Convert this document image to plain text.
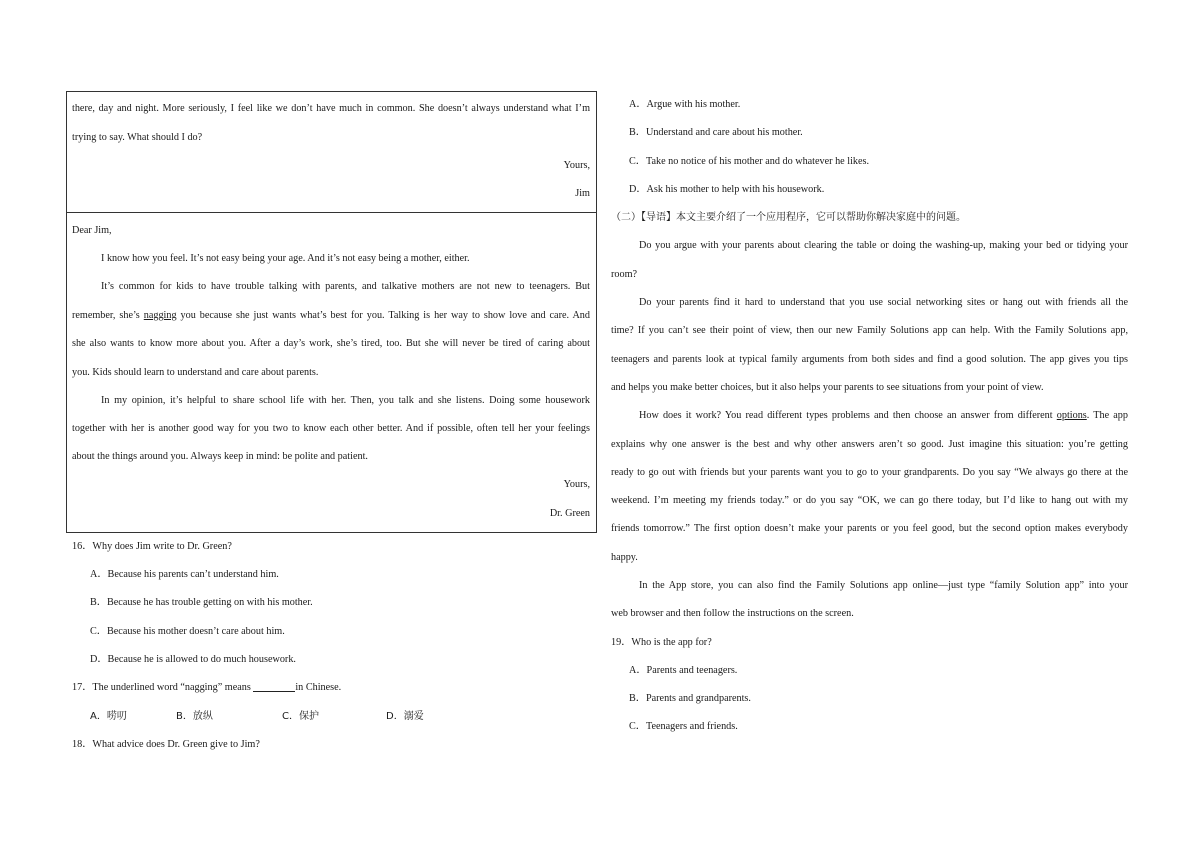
there, day and night. More seriously, I feel like we don’t have much in common. She doesn’t always understand what I’m
trying to say. What should I do?
Yours,
Jim
Dear Jim,
I know how you feel. It’s not easy being your age. And it’s not easy being a mother, either.
It’s common for kids to have trouble talking with parents, and talkative mothers are not new to teenagers. But
remember, she’s nagging you because she just wants what’s best for you. Talking is her way to show love and care. And
she also wants to know more about you. After a day’s work, she’s tired, too. But she will never be tired of caring about
you. Kids should learn to understand and care about parents.
In my opinion, it’s helpful to share school life with her. Then, you talk and she listens. Doing some housework
together with her is another good way for you two to know each other better. And if possible, often tell her your feelings
about the things around you. Always keep in mind: be polite and patient.
Yours,
Dr. Green
16．Why does Jim write to Dr. Green?
A．Because his parents can’t understand him.
B．Because he has trouble getting on with his mother.
C．Because his mother doesn’t care about him.
D．Because he is allowed to do much housework.
17．The underlined word “nagging” means	in Chinese.
A．唠叨	B．放纵	C．保护	D．溺爱
18．What advice does Dr. Green give to Jim?
A．Argue with his mother.
B．Understand and care about his mother.
C．Take no notice of his mother and do whatever he likes.
D．Ask his mother to help with his housework.
（二）【导语】本文主要介绍了一个应用程序，它可以帮助你解决家庭中的问题。
Do you argue with your parents about clearing the table or doing the washing-up, making your bed or tidying your
room?
Do your parents find it hard to understand that you use social networking sites or hang out with friends all the
time? If you can’t see their point of view, then our new Family Solutions app can help. With the Family Solutions app,
teenagers and parents look at typical family arguments from both sides and find a good solution. The app gives you tips
and helps you make better choices, but it also helps your parents to see situations from your point of view.
How does it work? You read different types problems and then choose an answer from different options. The app
explains why one answer is the best and why other answers aren’t so good. Just imagine this situation: you’re getting
ready to go out with friends but your parents want you to go to your grandparents. Do you say “We always go there at the
weekend. I’m meeting my friends today.” or do you say “OK, we can go there today, but I’d like to hang out with my
friends tomorrow.” The first option doesn’t make your parents or you feel good, but the second option makes everybody
happy.
In the App store, you can also find the Family Solutions app online—just type “family Solution app” into your
web browser and then follow the instructions on the screen.
19．Who is the app for?
A．Parents and teenagers.
B．Parents and grandparents.
C．Teenagers and friends.
